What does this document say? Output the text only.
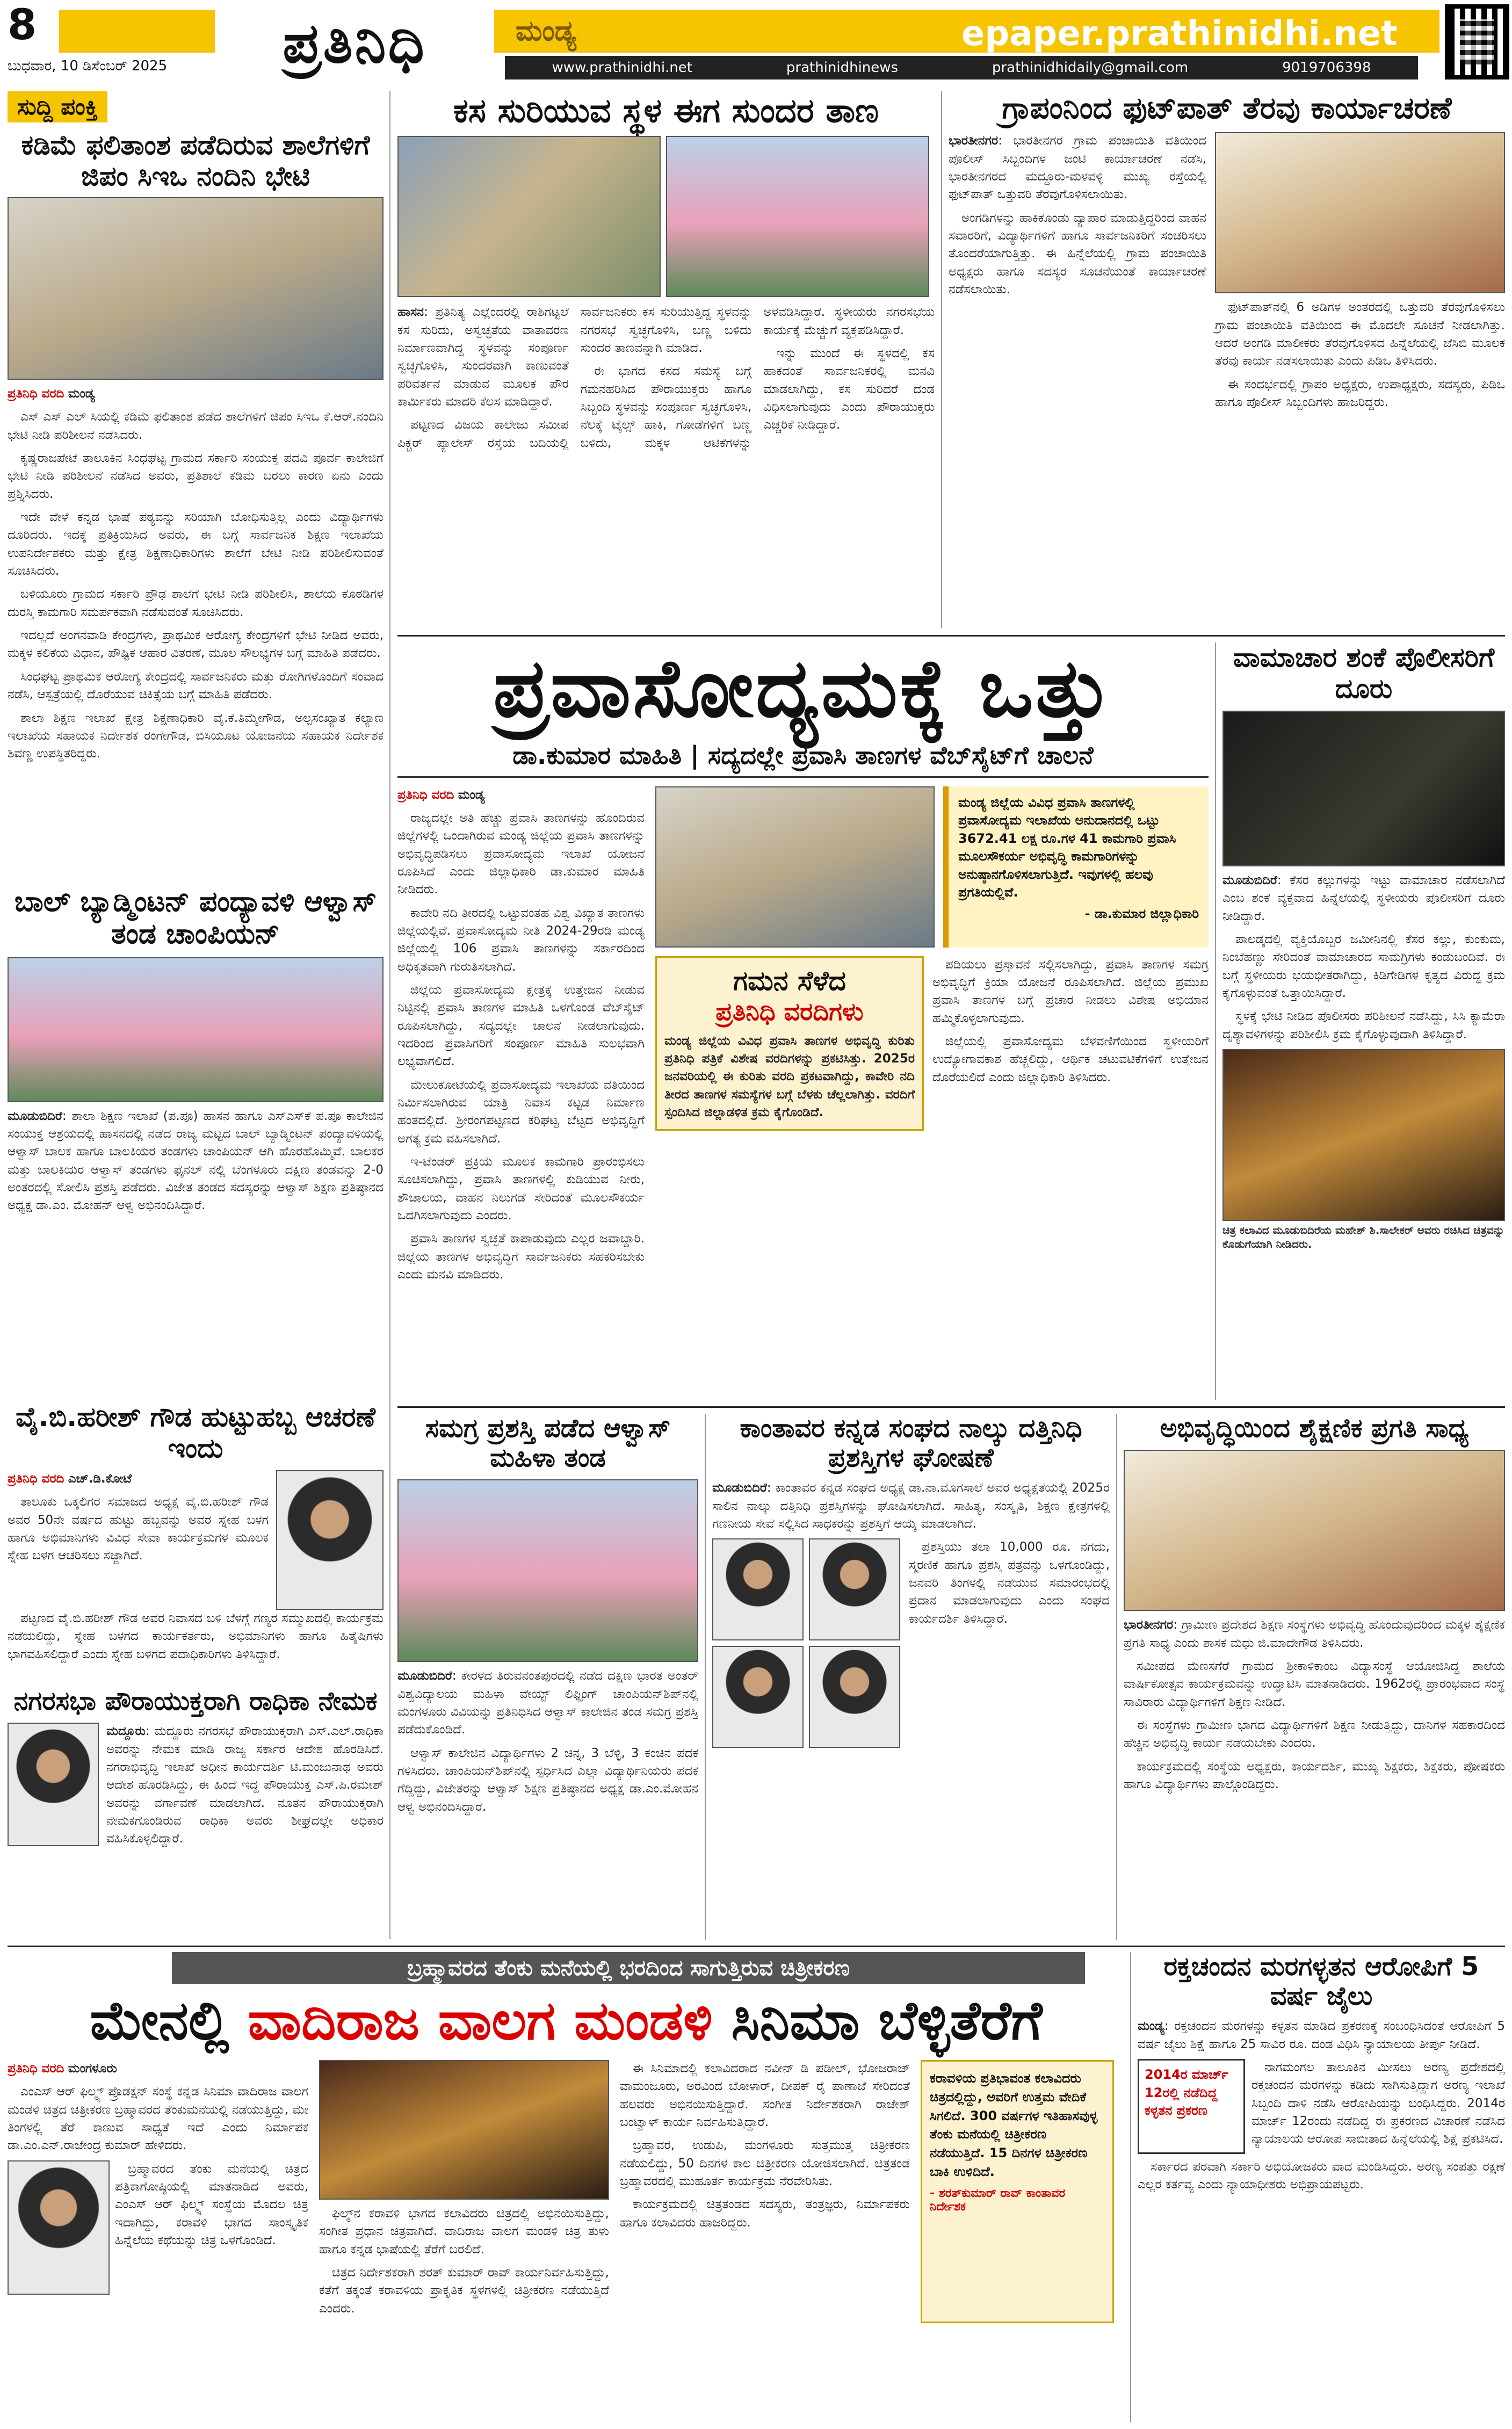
8
ಬುಧವಾರ, 10 ಡಿಸೆಂಬರ್ 2025	ಪ್ರತಿನಿಧಿ	ಮಂಡ್ಯ	epaper.prathinidhi.net
www.prathinidhi.net	prathinidhinews	prathinidhidaily@gmail.com	9019706398
ಸುದ್ದಿ ಪಂಕ್ತಿ
ಕಡಿಮೆ ಫಲಿತಾಂಶ ಪಡೆದಿರುವ ಶಾಲೆಗಳಿಗೆ ಜಿಪಂ ಸಿಇಒ ನಂದಿನಿ ಭೇಟಿ

ಪ್ರತಿನಿಧಿ ವರದಿ ಮಂಡ್ಯ

ಎಸ್ ಎಸ್ ಎಲ್ ಸಿಯಲ್ಲಿ ಕಡಿಮೆ ಫಲಿತಾಂಶ ಪಡೆದ ಶಾಲೆಗಳಿಗೆ ಜಿಪಂ ಸಿಇಒ ಕೆ.ಆರ್.ನಂದಿನಿ ಭೇಟಿ ನೀಡಿ ಪರಿಶೀಲನೆ ನಡೆಸಿದರು.

ಕೃಷ್ಣರಾಜಪೇಟೆ ತಾಲೂಕಿನ ಸಿಂಧಘಟ್ಟ ಗ್ರಾಮದ ಸರ್ಕಾರಿ ಸಂಯುಕ್ತ ಪದವಿ ಪೂರ್ವ ಕಾಲೇಜಿಗೆ ಭೇಟಿ ನೀಡಿ ಪರಿಶೀಲನೆ ನಡೆಸಿದ ಅವರು, ಪ್ರತಿಶಾಲೆ ಕಡಿಮೆ ಬರಲು ಕಾರಣ ಏನು ಎಂದು ಪ್ರಶ್ನಿಸಿದರು.

ಇದೇ ವೇಳೆ ಕನ್ನಡ ಭಾಷೆ ಪಠ್ಯವನ್ನು ಸರಿಯಾಗಿ ಬೋಧಿಸುತ್ತಿಲ್ಲ ಎಂದು ವಿದ್ಯಾರ್ಥಿಗಳು ದೂರಿದರು. ಇದಕ್ಕೆ ಪ್ರತಿಕ್ರಿಯಿಸಿದ ಅವರು, ಈ ಬಗ್ಗೆ ಸಾರ್ವಜನಿಕ ಶಿಕ್ಷಣ ಇಲಾಖೆಯ ಉಪನಿರ್ದೇಶಕರು ಮತ್ತು ಕ್ಷೇತ್ರ ಶಿಕ್ಷಣಾಧಿಕಾರಿಗಳು ಶಾಲೆಗೆ ಬೇಟಿ ನೀಡಿ ಪರಿಶೀಲಿಸುವಂತೆ ಸೂಚಿಸಿದರು.

ಬಳಿಯೂರು ಗ್ರಾಮದ ಸರ್ಕಾರಿ ಪ್ರೌಢ ಶಾಲೆಗೆ ಭೇಟಿ ನೀಡಿ ಪರಿಶೀಲಿಸಿ, ಶಾಲೆಯ ಕೊಠಡಿಗಳ ದುರಸ್ತಿ ಕಾಮಗಾರಿ ಸಮರ್ಪಕವಾಗಿ ನಡೆಸುವಂತೆ ಸೂಚಿಸಿದರು.

ಇದಲ್ಲದೆ ಅಂಗನವಾಡಿ ಕೇಂದ್ರಗಳು, ಪ್ರಾಥಮಿಕ ಆರೋಗ್ಯ ಕೇಂದ್ರಗಳಿಗೆ ಭೇಟಿ ನೀಡಿದ ಅವರು, ಮಕ್ಕಳ ಕಲಿಕೆಯ ವಿಧಾನ, ಪೌಷ್ಟಿಕ ಆಹಾರ ವಿತರಣೆ, ಮೂಲ ಸೌಲಭ್ಯಗಳ ಬಗ್ಗೆ ಮಾಹಿತಿ ಪಡೆದರು.

ಸಿಂಧಘಟ್ಟ ಪ್ರಾಥಮಿಕ ಆರೋಗ್ಯ ಕೇಂದ್ರದಲ್ಲಿ ಸಾರ್ವಜನಿಕರು ಮತ್ತು ರೋಗಿಗಳೊಂದಿಗೆ ಸಂವಾದ ನಡೆಸಿ, ಆಸ್ಪತ್ರೆಯಲ್ಲಿ ದೊರೆಯುವ ಚಿಕಿತ್ಸೆಯ ಬಗ್ಗೆ ಮಾಹಿತಿ ಪಡೆದರು.

ಶಾಲಾ ಶಿಕ್ಷಣ ಇಲಾಖೆ ಕ್ಷೇತ್ರ ಶಿಕ್ಷಣಾಧಿಕಾರಿ ವೈ.ಕೆ.ತಿಮ್ಮೇಗೌಡ, ಅಲ್ಪಸಂಖ್ಯಾತ ಕಲ್ಯಾಣ ಇಲಾಖೆಯ ಸಹಾಯಕ ನಿರ್ದೇಶಕ ರಂಗೇಗೌಡ, ಬಿಸಿಯೂಟ ಯೋಜನೆಯ ಸಹಾಯಕ ನಿರ್ದೇಶಕ ಶಿವಣ್ಣ ಉಪಸ್ಥಿತರಿದ್ದರು.

ಬಾಲ್ ಬ್ಯಾಡ್ಮಿಂಟನ್ ಪಂದ್ಯಾವಳಿ ಆಳ್ವಾಸ್ ತಂಡ ಚಾಂಪಿಯನ್

ಮೂಡುಬಿದಿರೆ: ಶಾಲಾ ಶಿಕ್ಷಣ ಇಲಾಖೆ (ಪ.ಪೂ) ಹಾಸನ ಹಾಗೂ ಎಸ್‌ಎಸ್‌ಕೆ ಪ.ಪೂ ಕಾಲೇಜಿನ ಸಂಯುಕ್ತ ಆಶ್ರಯದಲ್ಲಿ ಹಾಸನದಲ್ಲಿ ನಡೆದ ರಾಜ್ಯ ಮಟ್ಟದ ಬಾಲ್ ಬ್ಯಾಡ್ಮಿಂಟನ್ ಪಂದ್ಯಾವಳಿಯಲ್ಲಿ ಆಳ್ವಾಸ್ ಬಾಲಕ ಹಾಗೂ ಬಾಲಕಿಯರ ತಂಡಗಳು ಚಾಂಪಿಯನ್ ಆಗಿ ಹೊರಹೊಮ್ಮಿವೆ. ಬಾಲಕರ ಮತ್ತು ಬಾಲಕಿಯರ ಆಳ್ವಾಸ್ ತಂಡಗಳು ಫೈನಲ್ ನಲ್ಲಿ ಬೆಂಗಳೂರು ದಕ್ಷಿಣ ತಂಡವನ್ನು 2-0 ಅಂತರದಲ್ಲಿ ಸೋಲಿಸಿ ಪ್ರಶಸ್ತಿ ಪಡೆದರು. ವಿಜೇತ ತಂಡದ ಸದಸ್ಯರನ್ನು ಆಳ್ವಾಸ್ ಶಿಕ್ಷಣ ಪ್ರತಿಷ್ಠಾನದ ಅಧ್ಯಕ್ಷ ಡಾ.ಎಂ. ಮೋಹನ್ ಆಳ್ವ ಅಭಿನಂದಿಸಿದ್ದಾರೆ.

ವೈ.ಬಿ.ಹರೀಶ್ ಗೌಡ ಹುಟ್ಟುಹಬ್ಬ ಆಚರಣೆ ಇಂದು

ಪ್ರತಿನಿಧಿ ವರದಿ ಎಚ್.ಡಿ.ಕೋಟೆ

ತಾಲೂಕು ಒಕ್ಕಲಿಗರ ಸಮಾಜದ ಅಧ್ಯಕ್ಷ ವೈ.ಬಿ.ಹರೀಶ್ ಗೌಡ ಅವರ 50ನೇ ವರ್ಷದ ಹುಟ್ಟು ಹಬ್ಬವನ್ನು ಅವರ ಸ್ನೇಹ ಬಳಗ ಹಾಗೂ ಅಭಿಮಾನಿಗಳು ವಿವಿಧ ಸೇವಾ ಕಾರ್ಯಕ್ರಮಗಳ ಮೂಲಕ ಸ್ನೇಹ ಬಳಗ ಆಚರಿಸಲು ಸಜ್ಜಾಗಿದೆ.

ಪಟ್ಟಣದ ವೈ.ಬಿ.ಹರೀಶ್ ಗೌಡ ಅವರ ನಿವಾಸದ ಬಳಿ ಬೆಳಗ್ಗೆ ಗಣ್ಯರ ಸಮ್ಮುಖದಲ್ಲಿ ಕಾರ್ಯಕ್ರಮ ನಡೆಯಲಿದ್ದು, ಸ್ನೇಹ ಬಳಗದ ಕಾರ್ಯಕರ್ತರು, ಅಭಿಮಾನಿಗಳು ಹಾಗೂ ಹಿತೈಷಿಗಳು ಭಾಗವಹಿಸಲಿದ್ದಾರೆ ಎಂದು ಸ್ನೇಹ ಬಳಗದ ಪದಾಧಿಕಾರಿಗಳು ತಿಳಿಸಿದ್ದಾರೆ.

ನಗರಸಭಾ ಪೌರಾಯುಕ್ತರಾಗಿ ರಾಧಿಕಾ ನೇಮಕ

ಮದ್ದೂರು: ಮದ್ದೂರು ನಗರಸಭೆ ಪೌರಾಯುಕ್ತರಾಗಿ ಎಸ್.ಎಲ್.ರಾಧಿಕಾ ಅವರನ್ನು ನೇಮಕ ಮಾಡಿ ರಾಜ್ಯ ಸರ್ಕಾರ ಆದೇಶ ಹೊರಡಿಸಿದೆ. ನಗರಾಭಿವೃದ್ಧಿ ಇಲಾಖೆ ಅಧೀನ ಕಾರ್ಯದರ್ಶಿ ಟಿ.ಮಂಜುನಾಥ ಅವರು ಆದೇಶ ಹೊರಡಿಸಿದ್ದು, ಈ ಹಿಂದೆ ಇದ್ದ ಪೌರಾಯುಕ್ತ ಎಸ್.ಪಿ.ರಮೇಶ್ ಅವರನ್ನು ವರ್ಗಾವಣೆ ಮಾಡಲಾಗಿದೆ. ನೂತನ ಪೌರಾಯುಕ್ತರಾಗಿ ನೇಮಕಗೊಂಡಿರುವ ರಾಧಿಕಾ ಅವರು ಶೀಘ್ರದಲ್ಲೇ ಅಧಿಕಾರ ವಹಿಸಿಕೊಳ್ಳಲಿದ್ದಾರೆ.

ಕಸ ಸುರಿಯುವ ಸ್ಥಳ ಈಗ ಸುಂದರ ತಾಣ

ಹಾಸನ: ಪ್ರತಿನಿತ್ಯ ಎಲ್ಲೆಂದರಲ್ಲಿ ರಾಶಿಗಟ್ಟಲೆ ಕಸ ಸುರಿದು, ಅಸ್ವಚ್ಛತೆಯ ವಾತಾವರಣ ನಿರ್ಮಾಣವಾಗಿದ್ದ ಸ್ಥಳವನ್ನು ಸಂಪೂರ್ಣ ಸ್ವಚ್ಛಗೊಳಿಸಿ, ಸುಂದರವಾಗಿ ಕಾಣುವಂತೆ ಪರಿವರ್ತನೆ ಮಾಡುವ ಮೂಲಕ ಪೌರ ಕಾರ್ಮಿಕರು ಮಾದರಿ ಕೆಲಸ ಮಾಡಿದ್ದಾರೆ.

ಪಟ್ಟಣದ ವಿಜಯ ಕಾಲೇಜು ಸಮೀಪ ಪಿಕ್ಚರ್ ಪ್ಯಾಲೇಸ್ ರಸ್ತೆಯ ಬದಿಯಲ್ಲಿ ಸಾರ್ವಜನಿಕರು ಕಸ ಸುರಿಯುತ್ತಿದ್ದ ಸ್ಥಳವನ್ನು ನಗರಸಭೆ ಸ್ವಚ್ಛಗೊಳಿಸಿ, ಬಣ್ಣ ಬಳಿದು ಸುಂದರ ತಾಣವನ್ನಾಗಿ ಮಾಡಿದೆ.

ಈ ಭಾಗದ ಕಸದ ಸಮಸ್ಯೆ ಬಗ್ಗೆ ಗಮನಹರಿಸಿದ ಪೌರಾಯುಕ್ತರು ಹಾಗೂ ಸಿಬ್ಬಂದಿ ಸ್ಥಳವನ್ನು ಸಂಪೂರ್ಣ ಸ್ವಚ್ಛಗೊಳಿಸಿ, ನೆಲಕ್ಕೆ ಟೈಲ್ಸ್ ಹಾಕಿ, ಗೋಡೆಗಳಿಗೆ ಬಣ್ಣ ಬಳಿದು, ಮಕ್ಕಳ ಆಟಿಕೆಗಳನ್ನು ಅಳವಡಿಸಿದ್ದಾರೆ. ಸ್ಥಳೀಯರು ನಗರಸಭೆಯ ಕಾರ್ಯಕ್ಕೆ ಮೆಚ್ಚುಗೆ ವ್ಯಕ್ತಪಡಿಸಿದ್ದಾರೆ.

ಇನ್ನು ಮುಂದೆ ಈ ಸ್ಥಳದಲ್ಲಿ ಕಸ ಹಾಕದಂತೆ ಸಾರ್ವಜನಿಕರಲ್ಲಿ ಮನವಿ ಮಾಡಲಾಗಿದ್ದು, ಕಸ ಸುರಿದರೆ ದಂಡ ವಿಧಿಸಲಾಗುವುದು ಎಂದು ಪೌರಾಯುಕ್ತರು ಎಚ್ಚರಿಕೆ ನೀಡಿದ್ದಾರೆ.

ಗ್ರಾಪಂನಿಂದ ಫುಟ್‌ಪಾತ್ ತೆರವು ಕಾರ್ಯಾಚರಣೆ

ಭಾರತೀನಗರ: ಭಾರತೀನಗರ ಗ್ರಾಮ ಪಂಚಾಯಿತಿ ವತಿಯಿಂದ ಪೊಲೀಸ್ ಸಿಬ್ಬಂದಿಗಳ ಜಂಟಿ ಕಾರ್ಯಾಚರಣೆ ನಡೆಸಿ, ಭಾರತೀನಗರದ ಮದ್ದೂರು-ಮಳವಳ್ಳಿ ಮುಖ್ಯ ರಸ್ತೆಯಲ್ಲಿ ಫುಟ್‌ಪಾತ್ ಒತ್ತುವರಿ ತೆರವುಗೊಳಿಸಲಾಯಿತು.

ಅಂಗಡಿಗಳನ್ನು ಹಾಕಿಕೊಂಡು ವ್ಯಾಪಾರ ಮಾಡುತ್ತಿದ್ದರಿಂದ ವಾಹನ ಸವಾರರಿಗೆ, ವಿದ್ಯಾರ್ಥಿಗಳಿಗೆ ಹಾಗೂ ಸಾರ್ವಜನಿಕರಿಗೆ ಸಂಚರಿಸಲು ತೊಂದರೆಯಾಗುತ್ತಿತ್ತು. ಈ ಹಿನ್ನೆಲೆಯಲ್ಲಿ ಗ್ರಾಮ ಪಂಚಾಯಿತಿ ಅಧ್ಯಕ್ಷರು ಹಾಗೂ ಸದಸ್ಯರ ಸೂಚನೆಯಂತೆ ಕಾರ್ಯಾಚರಣೆ ನಡೆಸಲಾಯಿತು.

ಫುಟ್‌ಪಾತ್‌ನಲ್ಲಿ 6 ಅಡಿಗಳ ಅಂತರದಲ್ಲಿ ಒತ್ತುವರಿ ತೆರವುಗೊಳಿಸಲು ಗ್ರಾಮ ಪಂಚಾಯಿತಿ ವತಿಯಿಂದ ಈ ಮೊದಲೇ ಸೂಚನೆ ನೀಡಲಾಗಿತ್ತು. ಆದರೆ ಅಂಗಡಿ ಮಾಲೀಕರು ತೆರವುಗೊಳಿಸದ ಹಿನ್ನೆಲೆಯಲ್ಲಿ ಜೆಸಿಬಿ ಮೂಲಕ ತೆರವು ಕಾರ್ಯ ನಡೆಸಲಾಯಿತು ಎಂದು ಪಿಡಿಒ ತಿಳಿಸಿದರು.

ಈ ಸಂದರ್ಭದಲ್ಲಿ ಗ್ರಾಪಂ ಅಧ್ಯಕ್ಷರು, ಉಪಾಧ್ಯಕ್ಷರು, ಸದಸ್ಯರು, ಪಿಡಿಒ ಹಾಗೂ ಪೊಲೀಸ್ ಸಿಬ್ಬಂದಿಗಳು ಹಾಜರಿದ್ದರು.

ಪ್ರವಾಸೋದ್ಯಮಕ್ಕೆ ಒತ್ತು
ಡಾ.ಕುಮಾರ ಮಾಹಿತಿ | ಸದ್ಯದಲ್ಲೇ ಪ್ರವಾಸಿ ತಾಣಗಳ ವೆಬ್‌ಸೈಟ್‌ಗೆ ಚಾಲನೆ

ಪ್ರತಿನಿಧಿ ವರದಿ ಮಂಡ್ಯ

ರಾಜ್ಯದಲ್ಲೇ ಅತಿ ಹೆಚ್ಚು ಪ್ರವಾಸಿ ತಾಣಗಳನ್ನು ಹೊಂದಿರುವ ಜಿಲ್ಲೆಗಳಲ್ಲಿ ಒಂದಾಗಿರುವ ಮಂಡ್ಯ ಜಿಲ್ಲೆಯ ಪ್ರವಾಸಿ ತಾಣಗಳನ್ನು ಅಭಿವೃದ್ಧಿಪಡಿಸಲು ಪ್ರವಾಸೋದ್ಯಮ ಇಲಾಖೆ ಯೋಜನೆ ರೂಪಿಸಿದೆ ಎಂದು ಜಿಲ್ಲಾಧಿಕಾರಿ ಡಾ.ಕುಮಾರ ಮಾಹಿತಿ ನೀಡಿದರು.

ಕಾವೇರಿ ನದಿ ತೀರದಲ್ಲಿ ಒಟ್ಟುವಂತಹ ವಿಶ್ವ ವಿಖ್ಯಾತ ತಾಣಗಳು ಜಿಲ್ಲೆಯಲ್ಲಿವೆ. ಪ್ರವಾಸೋದ್ಯಮ ನೀತಿ 2024-29ರಡಿ ಮಂಡ್ಯ ಜಿಲ್ಲೆಯಲ್ಲಿ 106 ಪ್ರವಾಸಿ ತಾಣಗಳನ್ನು ಸರ್ಕಾರದಿಂದ ಅಧಿಕೃತವಾಗಿ ಗುರುತಿಸಲಾಗಿದೆ.

ಜಿಲ್ಲೆಯ ಪ್ರವಾಸೋದ್ಯಮ ಕ್ಷೇತ್ರಕ್ಕೆ ಉತ್ತೇಜನ ನೀಡುವ ನಿಟ್ಟಿನಲ್ಲಿ ಪ್ರವಾಸಿ ತಾಣಗಳ ಮಾಹಿತಿ ಒಳಗೊಂಡ ವೆಬ್‌ಸೈಟ್ ರೂಪಿಸಲಾಗಿದ್ದು, ಸದ್ಯದಲ್ಲೇ ಚಾಲನೆ ನೀಡಲಾಗುವುದು. ಇದರಿಂದ ಪ್ರವಾಸಿಗರಿಗೆ ಸಂಪೂರ್ಣ ಮಾಹಿತಿ ಸುಲಭವಾಗಿ ಲಭ್ಯವಾಗಲಿದೆ.

ಮೇಲುಕೋಟೆಯಲ್ಲಿ ಪ್ರವಾಸೋದ್ಯಮ ಇಲಾಖೆಯ ವತಿಯಿಂದ ನಿರ್ಮಿಸಲಾಗಿರುವ ಯಾತ್ರಿ ನಿವಾಸ ಕಟ್ಟಡ ನಿರ್ಮಾಣ ಹಂತದಲ್ಲಿದೆ. ಶ್ರೀರಂಗಪಟ್ಟಣದ ಕರಿಘಟ್ಟ ಬೆಟ್ಟದ ಅಭಿವೃದ್ಧಿಗೆ ಅಗತ್ಯ ಕ್ರಮ ವಹಿಸಲಾಗಿದೆ.

ಇ-ಟೆಂಡರ್ ಪ್ರಕ್ರಿಯೆ ಮೂಲಕ ಕಾಮಗಾರಿ ಪ್ರಾರಂಭಿಸಲು ಸೂಚಿಸಲಾಗಿದ್ದು, ಪ್ರವಾಸಿ ತಾಣಗಳಲ್ಲಿ ಕುಡಿಯುವ ನೀರು, ಶೌಚಾಲಯ, ವಾಹನ ನಿಲುಗಡೆ ಸೇರಿದಂತೆ ಮೂಲಸೌಕರ್ಯ ಒದಗಿಸಲಾಗುವುದು ಎಂದರು.

ಪ್ರವಾಸಿ ತಾಣಗಳ ಸ್ವಚ್ಛತೆ ಕಾಪಾಡುವುದು ಎಲ್ಲರ ಜವಾಬ್ದಾರಿ. ಜಿಲ್ಲೆಯ ತಾಣಗಳ ಅಭಿವೃದ್ಧಿಗೆ ಸಾರ್ವಜನಿಕರು ಸಹಕರಿಸಬೇಕು ಎಂದು ಮನವಿ ಮಾಡಿದರು.

ಮಂಡ್ಯ ಜಿಲ್ಲೆಯ ವಿವಿಧ ಪ್ರವಾಸಿ ತಾಣಗಳಲ್ಲಿ ಪ್ರವಾಸೋದ್ಯಮ ಇಲಾಖೆಯ ಅನುದಾನದಲ್ಲಿ ಒಟ್ಟು 3672.41 ಲಕ್ಷ ರೂ.ಗಳ 41 ಕಾಮಗಾರಿ ಪ್ರವಾಸಿ ಮೂಲಸೌಕರ್ಯ ಅಭಿವೃದ್ಧಿ ಕಾಮಗಾರಿಗಳನ್ನು ಅನುಷ್ಠಾನಗೊಳಿಸಲಾಗುತ್ತಿದೆ. ಇವುಗಳಲ್ಲಿ ಹಲವು ಪ್ರಗತಿಯಲ್ಲಿವೆ.
- ಡಾ.ಕುಮಾರ ಜಿಲ್ಲಾಧಿಕಾರಿ
ಗಮನ ಸೆಳೆದ
ಪ್ರತಿನಿಧಿ ವರದಿಗಳು
ಮಂಡ್ಯ ಜಿಲ್ಲೆಯ ವಿವಿಧ ಪ್ರವಾಸಿ ತಾಣಗಳ ಅಭಿವೃದ್ಧಿ ಕುರಿತು ಪ್ರತಿನಿಧಿ ಪತ್ರಿಕೆ ವಿಶೇಷ ವರದಿಗಳನ್ನು ಪ್ರಕಟಿಸಿತ್ತು. 2025ರ ಜನವರಿಯಲ್ಲಿ ಈ ಕುರಿತು ವರದಿ ಪ್ರಕಟವಾಗಿದ್ದು, ಕಾವೇರಿ ನದಿ ತೀರದ ತಾಣಗಳ ಸಮಸ್ಯೆಗಳ ಬಗ್ಗೆ ಬೆಳಕು ಚೆಲ್ಲಲಾಗಿತ್ತು. ವರದಿಗೆ ಸ್ಪಂದಿಸಿದ ಜಿಲ್ಲಾಡಳಿತ ಕ್ರಮ ಕೈಗೊಂಡಿದೆ.

ಪಡಿಯಲು ಪ್ರಸ್ತಾವನೆ ಸಲ್ಲಿಸಲಾಗಿದ್ದು, ಪ್ರವಾಸಿ ತಾಣಗಳ ಸಮಗ್ರ ಅಭಿವೃದ್ಧಿಗೆ ಕ್ರಿಯಾ ಯೋಜನೆ ರೂಪಿಸಲಾಗಿದೆ. ಜಿಲ್ಲೆಯ ಪ್ರಮುಖ ಪ್ರವಾಸಿ ತಾಣಗಳ ಬಗ್ಗೆ ಪ್ರಚಾರ ನೀಡಲು ವಿಶೇಷ ಅಭಿಯಾನ ಹಮ್ಮಿಕೊಳ್ಳಲಾಗುವುದು.

ಜಿಲ್ಲೆಯಲ್ಲಿ ಪ್ರವಾಸೋದ್ಯಮ ಬೆಳವಣಿಗೆಯಿಂದ ಸ್ಥಳೀಯರಿಗೆ ಉದ್ಯೋಗಾವಕಾಶ ಹೆಚ್ಚಲಿದ್ದು, ಆರ್ಥಿಕ ಚಟುವಟಿಕೆಗಳಿಗೆ ಉತ್ತೇಜನ ದೊರೆಯಲಿದೆ ಎಂದು ಜಿಲ್ಲಾಧಿಕಾರಿ ತಿಳಿಸಿದರು.

ವಾಮಾಚಾರ ಶಂಕೆ ಪೊಲೀಸರಿಗೆ ದೂರು

ಮೂಡುಬಿದಿರೆ: ಕೆಸರ ಕಲ್ಲುಗಳನ್ನು ಇಟ್ಟು ವಾಮಾಚಾರ ನಡೆಸಲಾಗಿದೆ ಎಂಬ ಶಂಕೆ ವ್ಯಕ್ತವಾದ ಹಿನ್ನೆಲೆಯಲ್ಲಿ ಸ್ಥಳೀಯರು ಪೊಲೀಸರಿಗೆ ದೂರು ನೀಡಿದ್ದಾರೆ.

ಪಾಲಡ್ಕದಲ್ಲಿ ವ್ಯಕ್ತಿಯೊಬ್ಬರ ಜಮೀನಿನಲ್ಲಿ ಕೆಸರ ಕಲ್ಲು, ಕುಂಕುಮ, ನಿಂಬೆಹಣ್ಣು ಸೇರಿದಂತೆ ವಾಮಾಚಾರದ ಸಾಮಗ್ರಿಗಳು ಕಂಡುಬಂದಿವೆ. ಈ ಬಗ್ಗೆ ಸ್ಥಳೀಯರು ಭಯಭೀತರಾಗಿದ್ದು, ಕಿಡಿಗೇಡಿಗಳ ಕೃತ್ಯದ ವಿರುದ್ಧ ಕ್ರಮ ಕೈಗೊಳ್ಳುವಂತೆ ಒತ್ತಾಯಿಸಿದ್ದಾರೆ.

ಸ್ಥಳಕ್ಕೆ ಭೇಟಿ ನೀಡಿದ ಪೊಲೀಸರು ಪರಿಶೀಲನೆ ನಡೆಸಿದ್ದು, ಸಿಸಿ ಕ್ಯಾಮೆರಾ ದೃಶ್ಯಾವಳಿಗಳನ್ನು ಪರಿಶೀಲಿಸಿ ಕ್ರಮ ಕೈಗೊಳ್ಳುವುದಾಗಿ ತಿಳಿಸಿದ್ದಾರೆ.

ಚಿತ್ರ ಕಲಾವಿದ ಮೂಡುಬಿದಿರೆಯ ಮಹೇಶ್ ಶಿ.ಸಾಲೇಕರ್ ಅವರು ರಚಿಸಿದ ಚಿತ್ರವನ್ನು ಕೊಡುಗೆಯಾಗಿ ನೀಡಿದರು.
ಸಮಗ್ರ ಪ್ರಶಸ್ತಿ ಪಡೆದ ಆಳ್ವಾಸ್ ಮಹಿಳಾ ತಂಡ

ಮೂಡುಬಿದಿರೆ: ಕೇರಳದ ತಿರುವನಂತಪುರದಲ್ಲಿ ನಡೆದ ದಕ್ಷಿಣ ಭಾರತ ಅಂತರ್ ವಿಶ್ವವಿದ್ಯಾಲಯ ಮಹಿಳಾ ವೇಯ್ಟ್ ಲಿಫ್ಟಿಂಗ್ ಚಾಂಪಿಯನ್‌ಶಿಪ್‌ನಲ್ಲಿ ಮಂಗಳೂರು ವಿವಿಯನ್ನು ಪ್ರತಿನಿಧಿಸಿದ ಆಳ್ವಾಸ್ ಕಾಲೇಜಿನ ತಂಡ ಸಮಗ್ರ ಪ್ರಶಸ್ತಿ ಪಡೆದುಕೊಂಡಿದೆ.

ಆಳ್ವಾಸ್ ಕಾಲೇಜಿನ ವಿದ್ಯಾರ್ಥಿಗಳು 2 ಚಿನ್ನ, 3 ಬೆಳ್ಳಿ, 3 ಕಂಚಿನ ಪದಕ ಗಳಿಸಿದರು. ಚಾಂಪಿಯನ್‌ಶಿಪ್‌ನಲ್ಲಿ ಸ್ಪರ್ಧಿಸಿದ ಎಲ್ಲಾ ವಿದ್ಯಾರ್ಥಿನಿಯರು ಪದಕ ಗೆದ್ದಿದ್ದು, ವಿಜೇತರನ್ನು ಆಳ್ವಾಸ್ ಶಿಕ್ಷಣ ಪ್ರತಿಷ್ಠಾನದ ಅಧ್ಯಕ್ಷ ಡಾ.ಎಂ.ಮೋಹನ ಆಳ್ವ ಅಭಿನಂದಿಸಿದ್ದಾರೆ.

ಕಾಂತಾವರ ಕನ್ನಡ ಸಂಘದ ನಾಲ್ಕು ದತ್ತಿನಿಧಿ ಪ್ರಶಸ್ತಿಗಳ ಘೋಷಣೆ

ಮೂಡುಬಿದಿರೆ: ಕಾಂತಾವರ ಕನ್ನಡ ಸಂಘದ ಅಧ್ಯಕ್ಷ ಡಾ.ನಾ.ಮೊಗಸಾಲೆ ಅವರ ಅಧ್ಯಕ್ಷತೆಯಲ್ಲಿ 2025ರ ಸಾಲಿನ ನಾಲ್ಕು ದತ್ತಿನಿಧಿ ಪ್ರಶಸ್ತಿಗಳನ್ನು ಘೋಷಿಸಲಾಗಿದೆ. ಸಾಹಿತ್ಯ, ಸಂಸ್ಕೃತಿ, ಶಿಕ್ಷಣ ಕ್ಷೇತ್ರಗಳಲ್ಲಿ ಗಣನೀಯ ಸೇವೆ ಸಲ್ಲಿಸಿದ ಸಾಧಕರನ್ನು ಪ್ರಶಸ್ತಿಗೆ ಆಯ್ಕೆ ಮಾಡಲಾಗಿದೆ.

ಪ್ರಶಸ್ತಿಯು ತಲಾ 10,000 ರೂ. ನಗದು, ಸ್ಮರಣಿಕೆ ಹಾಗೂ ಪ್ರಶಸ್ತಿ ಪತ್ರವನ್ನು ಒಳಗೊಂಡಿದ್ದು, ಜನವರಿ ತಿಂಗಳಲ್ಲಿ ನಡೆಯುವ ಸಮಾರಂಭದಲ್ಲಿ ಪ್ರದಾನ ಮಾಡಲಾಗುವುದು ಎಂದು ಸಂಘದ ಕಾರ್ಯದರ್ಶಿ ತಿಳಿಸಿದ್ದಾರೆ.

ಅಭಿವೃದ್ಧಿಯಿಂದ ಶೈಕ್ಷಣಿಕ ಪ್ರಗತಿ ಸಾಧ್ಯ

ಭಾರತೀನಗರ: ಗ್ರಾಮೀಣ ಪ್ರದೇಶದ ಶಿಕ್ಷಣ ಸಂಸ್ಥೆಗಳು ಅಭಿವೃದ್ಧಿ ಹೊಂದುವುದರಿಂದ ಮಕ್ಕಳ ಶೈಕ್ಷಣಿಕ ಪ್ರಗತಿ ಸಾಧ್ಯ ಎಂದು ಶಾಸಕ ಮಧು ಜಿ.ಮಾದೇಗೌಡ ತಿಳಿಸಿದರು.

ಸಮೀಪದ ಮೆಣಸಗೆರೆ ಗ್ರಾಮದ ಶ್ರೀಕಾಳಿಕಾಂಬ ವಿದ್ಯಾಸಂಸ್ಥೆ ಆಯೋಜಿಸಿದ್ದ ಶಾಲೆಯ ವಾರ್ಷಿಕೋತ್ಸವ ಕಾರ್ಯಕ್ರಮವನ್ನು ಉದ್ಘಾಟಿಸಿ ಮಾತನಾಡಿದರು. 1962ರಲ್ಲಿ ಪ್ರಾರಂಭವಾದ ಸಂಸ್ಥೆ ಸಾವಿರಾರು ವಿದ್ಯಾರ್ಥಿಗಳಿಗೆ ಶಿಕ್ಷಣ ನೀಡಿದೆ.

ಈ ಸಂಸ್ಥೆಗಳು ಗ್ರಾಮೀಣ ಭಾಗದ ವಿದ್ಯಾರ್ಥಿಗಳಿಗೆ ಶಿಕ್ಷಣ ನೀಡುತ್ತಿದ್ದು, ದಾನಿಗಳ ಸಹಕಾರದಿಂದ ಹೆಚ್ಚಿನ ಅಭಿವೃದ್ಧಿ ಕಾರ್ಯ ನಡೆಯಬೇಕು ಎಂದರು.

ಕಾರ್ಯಕ್ರಮದಲ್ಲಿ ಸಂಸ್ಥೆಯ ಅಧ್ಯಕ್ಷರು, ಕಾರ್ಯದರ್ಶಿ, ಮುಖ್ಯ ಶಿಕ್ಷಕರು, ಶಿಕ್ಷಕರು, ಪೋಷಕರು ಹಾಗೂ ವಿದ್ಯಾರ್ಥಿಗಳು ಪಾಲ್ಗೊಂಡಿದ್ದರು.

ಬ್ರಹ್ಮಾವರದ ತೆಂಕು ಮನೆಯಲ್ಲಿ ಭರದಿಂದ ಸಾಗುತ್ತಿರುವ ಚಿತ್ರೀಕರಣ
ಮೇನಲ್ಲಿ ವಾದಿರಾಜ ವಾಲಗ ಮಂಡಳಿ ಸಿನಿಮಾ ಬೆಳ್ಳಿತೆರೆಗೆ

ಪ್ರತಿನಿಧಿ ವರದಿ ಮಂಗಳೂರು

ಎಂಎಸ್ ಆರ್ ಫಿಲ್ಮ್ಸ್ ಪ್ರೊಡಕ್ಷನ್ ಸಂಸ್ಥೆ ಕನ್ನಡ ಸಿನಿಮಾ ವಾದಿರಾಜ ವಾಲಗ ಮಂಡಳಿ ಚಿತ್ರದ ಚಿತ್ರೀಕರಣ ಬ್ರಹ್ಮಾವರದ ತೆಂಕುಮನೆಯಲ್ಲಿ ನಡೆಯುತ್ತಿದ್ದು, ಮೇ ತಿಂಗಳಲ್ಲಿ ತೆರೆ ಕಾಣುವ ಸಾಧ್ಯತೆ ಇದೆ ಎಂದು ನಿರ್ಮಾಪಕ ಡಾ.ಎಂ.ಎನ್.ರಾಜೇಂದ್ರ ಕುಮಾರ್ ಹೇಳಿದರು.

ಬ್ರಹ್ಮಾವರದ ತೆಂಕು ಮನೆಯಲ್ಲಿ ಚಿತ್ರದ ಪತ್ರಿಕಾಗೋಷ್ಠಿಯಲ್ಲಿ ಮಾತನಾಡಿದ ಅವರು, ಎಂಎಸ್ ಆರ್ ಫಿಲ್ಮ್ಸ್ ಸಂಸ್ಥೆಯ ಮೊದಲ ಚಿತ್ರ ಇದಾಗಿದ್ದು, ಕರಾವಳಿ ಭಾಗದ ಸಾಂಸ್ಕೃತಿಕ ಹಿನ್ನೆಲೆಯ ಕಥೆಯನ್ನು ಚಿತ್ರ ಒಳಗೊಂಡಿದೆ.

ಫಿಲ್ಮ್‌ನ ಕರಾವಳಿ ಭಾಗದ ಕಲಾವಿದರು ಚಿತ್ರದಲ್ಲಿ ಅಭಿನಯಿಸುತ್ತಿದ್ದು, ಸಂಗೀತ ಪ್ರಧಾನ ಚಿತ್ರವಾಗಿದೆ. ವಾದಿರಾಜ ವಾಲಗ ಮಂಡಳಿ ಚಿತ್ರ ತುಳು ಹಾಗೂ ಕನ್ನಡ ಭಾಷೆಯಲ್ಲಿ ತೆರೆಗೆ ಬರಲಿದೆ.

ಚಿತ್ರದ ನಿರ್ದೇಶಕರಾಗಿ ಶರತ್ ಕುಮಾರ್ ರಾವ್ ಕಾರ್ಯನಿರ್ವಹಿಸುತ್ತಿದ್ದು, ಕತೆಗೆ ತಕ್ಕಂತೆ ಕರಾವಳಿಯ ಪ್ರಾಕೃತಿಕ ಸ್ಥಳಗಳಲ್ಲಿ ಚಿತ್ರೀಕರಣ ನಡೆಯುತ್ತಿದೆ ಎಂದರು.

ಈ ಸಿನಿಮಾದಲ್ಲಿ ಕಲಾವಿದರಾದ ನವೀನ್ ಡಿ ಪಡೀಲ್, ಭೋಜರಾಜ್ ವಾಮಂಜೂರು, ಅರವಿಂದ ಬೋಳಾರ್, ದೀಪಕ್ ರೈ ಪಾಣಾಜೆ ಸೇರಿದಂತೆ ಹಲವರು ಅಭಿನಯಿಸುತ್ತಿದ್ದಾರೆ. ಸಂಗೀತ ನಿರ್ದೇಶಕರಾಗಿ ರಾಜೇಶ್ ಬಂಟ್ವಾಳ್ ಕಾರ್ಯ ನಿರ್ವಹಿಸುತ್ತಿದ್ದಾರೆ.

ಬ್ರಹ್ಮಾವರ, ಉಡುಪಿ, ಮಂಗಳೂರು ಸುತ್ತಮುತ್ತ ಚಿತ್ರೀಕರಣ ನಡೆಯಲಿದ್ದು, 50 ದಿನಗಳ ಕಾಲ ಚಿತ್ರೀಕರಣ ಯೋಜಿಸಲಾಗಿದೆ. ಚಿತ್ರತಂಡ ಬ್ರಹ್ಮಾವರದಲ್ಲಿ ಮುಹೂರ್ತ ಕಾರ್ಯಕ್ರಮ ನೆರವೇರಿಸಿತು.

ಕಾರ್ಯಕ್ರಮದಲ್ಲಿ ಚಿತ್ರತಂಡದ ಸದಸ್ಯರು, ತಂತ್ರಜ್ಞರು, ನಿರ್ಮಾಪಕರು ಹಾಗೂ ಕಲಾವಿದರು ಹಾಜರಿದ್ದರು.

ಕರಾವಳಿಯ ಪ್ರತಿಭಾವಂತ ಕಲಾವಿದರು ಚಿತ್ರದಲ್ಲಿದ್ದು, ಅವರಿಗೆ ಉತ್ತಮ ವೇದಿಕೆ ಸಿಗಲಿದೆ. 300 ವರ್ಷಗಳ ಇತಿಹಾಸವುಳ್ಳ ತೆಂಕು ಮನೆಯಲ್ಲಿ ಚಿತ್ರೀಕರಣ ನಡೆಯುತ್ತಿದೆ. 15 ದಿನಗಳ ಚಿತ್ರೀಕರಣ ಬಾಕಿ ಉಳಿದಿದೆ.
- ಶರತ್‌ಕುಮಾರ್ ರಾವ್ ಕಾಂತಾವರ ನಿರ್ದೇಶಕ
ರಕ್ತಚಂದನ ಮರಗಳ್ಳತನ ಆರೋಪಿಗೆ 5 ವರ್ಷ ಜೈಲು

ಮಂಡ್ಯ: ರಕ್ತಚಂದನ ಮರಗಳನ್ನು ಕಳ್ಳತನ ಮಾಡಿದ ಪ್ರಕರಣಕ್ಕೆ ಸಂಬಂಧಿಸಿದಂತೆ ಆರೋಪಿಗೆ 5 ವರ್ಷ ಜೈಲು ಶಿಕ್ಷೆ ಹಾಗೂ 25 ಸಾವಿರ ರೂ. ದಂಡ ವಿಧಿಸಿ ನ್ಯಾಯಾಲಯ ತೀರ್ಪು ನೀಡಿದೆ.

2014ರ ಮಾರ್ಚ್ 12ರಲ್ಲಿ ನಡೆದಿದ್ದ ಕಳ್ಳತನ ಪ್ರಕರಣ

ನಾಗಮಂಗಲ ತಾಲೂಕಿನ ಮೀಸಲು ಅರಣ್ಯ ಪ್ರದೇಶದಲ್ಲಿ ರಕ್ತಚಂದನ ಮರಗಳನ್ನು ಕಡಿದು ಸಾಗಿಸುತ್ತಿದ್ದಾಗ ಅರಣ್ಯ ಇಲಾಖೆ ಸಿಬ್ಬಂದಿ ದಾಳಿ ನಡೆಸಿ ಆರೋಪಿಯನ್ನು ಬಂಧಿಸಿದ್ದರು. 2014ರ ಮಾರ್ಚ್ 12ರಂದು ನಡೆದಿದ್ದ ಈ ಪ್ರಕರಣದ ವಿಚಾರಣೆ ನಡೆಸಿದ ನ್ಯಾಯಾಲಯ ಆರೋಪ ಸಾಬೀತಾದ ಹಿನ್ನೆಲೆಯಲ್ಲಿ ಶಿಕ್ಷೆ ಪ್ರಕಟಿಸಿದೆ.

ಸರ್ಕಾರದ ಪರವಾಗಿ ಸರ್ಕಾರಿ ಅಭಿಯೋಜಕರು ವಾದ ಮಂಡಿಸಿದ್ದರು. ಅರಣ್ಯ ಸಂಪತ್ತು ರಕ್ಷಣೆ ಎಲ್ಲರ ಕರ್ತವ್ಯ ಎಂದು ನ್ಯಾಯಾಧೀಶರು ಅಭಿಪ್ರಾಯಪಟ್ಟರು.
